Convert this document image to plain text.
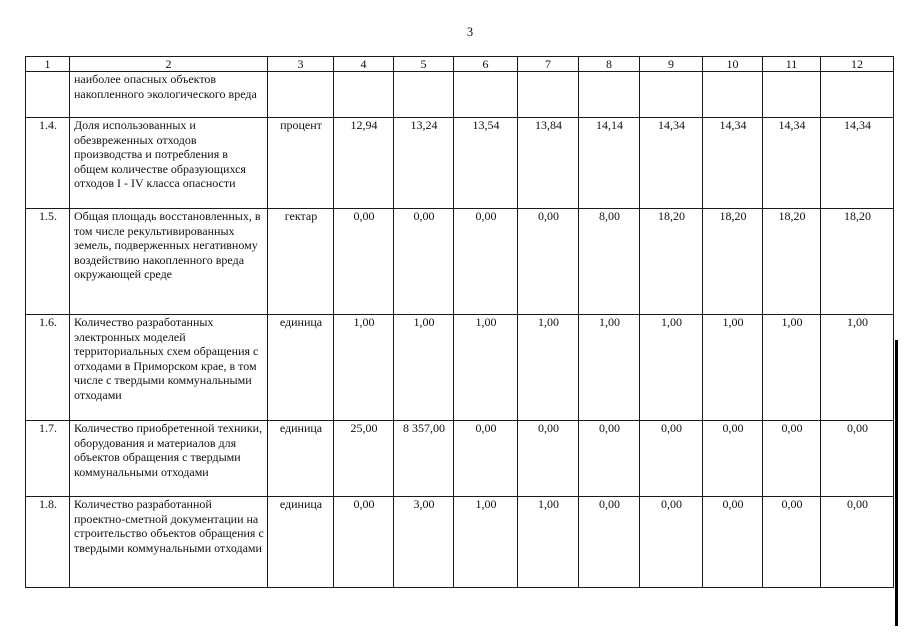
3
1	2	3	4	5	6	7	8	9	10	11	12
	наиболее опасных объектов накопленного экологического вреда										
1.4.	Доля использованных и обезвреженных отходов производства и потребления в общем количестве образующихся отходов I - IV класса опасности	процент	12,94	13,24	13,54	13,84	14,14	14,34	14,34	14,34	14,34
1.5.	Общая площадь восстановленных, в том числе рекультивированных земель, подверженных негативному воздействию накопленного вреда окружающей среде	гектар	0,00	0,00	0,00	0,00	8,00	18,20	18,20	18,20	18,20
1.6.	Количество разработанных электронных моделей территориальных схем обращения с отходами в Приморском крае, в том числе с твердыми коммунальными отходами	единица	1,00	1,00	1,00	1,00	1,00	1,00	1,00	1,00	1,00
1.7.	Количество приобретенной техники, оборудования и материалов для объектов обращения с твердыми коммунальными отходами	единица	25,00	8 357,00	0,00	0,00	0,00	0,00	0,00	0,00	0,00
1.8.	Количество разработанной проектно-сметной документации на строительство объектов обращения с твердыми коммунальными отходами	единица	0,00	3,00	1,00	1,00	0,00	0,00	0,00	0,00	0,00
